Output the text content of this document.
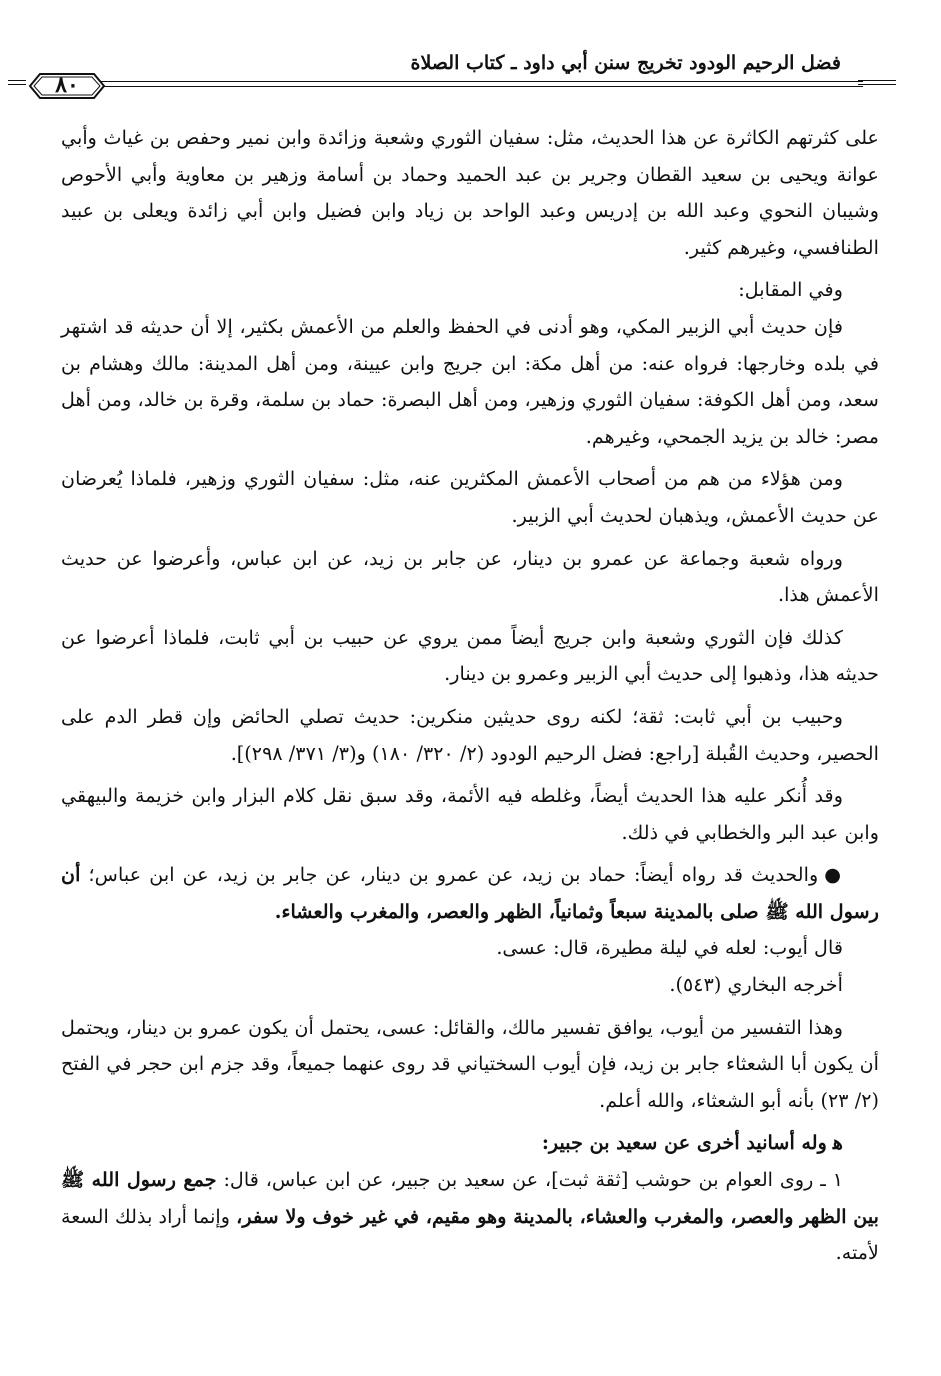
فضل الرحيم الودود تخريج سنن أبي داود ـ كتاب الصلاة
٨٠

على كثرتهم الكاثرة عن هذا الحديث، مثل: سفيان الثوري وشعبة وزائدة وابن نمير وحفص بن غياث وأبي عوانة ويحيى بن سعيد القطان وجرير بن عبد الحميد وحماد بن أسامة وزهير بن معاوية وأبي الأحوص وشيبان النحوي وعبد الله بن إدريس وعبد الواحد بن زياد وابن فضيل وابن أبي زائدة ويعلى بن عبيد الطنافسي، وغيرهم كثير.

وفي المقابل:

فإن حديث أبي الزبير المكي، وهو أدنى في الحفظ والعلم من الأعمش بكثير، إلا أن حديثه قد اشتهر في بلده وخارجها: فرواه عنه: من أهل مكة: ابن جريج وابن عيينة، ومن أهل المدينة: مالك وهشام بن سعد، ومن أهل الكوفة: سفيان الثوري وزهير، ومن أهل البصرة: حماد بن سلمة، وقرة بن خالد، ومن أهل مصر: خالد بن يزيد الجمحي، وغيرهم.

ومن هؤلاء من هم من أصحاب الأعمش المكثرين عنه، مثل: سفيان الثوري وزهير، فلماذا يُعرضان عن حديث الأعمش، ويذهبان لحديث أبي الزبير.

ورواه شعبة وجماعة عن عمرو بن دينار، عن جابر بن زيد، عن ابن عباس، وأعرضوا عن حديث الأعمش هذا.

كذلك فإن الثوري وشعبة وابن جريج أيضاً ممن يروي عن حبيب بن أبي ثابت، فلماذا أعرضوا عن حديثه هذا، وذهبوا إلى حديث أبي الزبير وعمرو بن دينار.

وحبيب بن أبي ثابت: ثقة؛ لكنه روى حديثين منكرين: حديث تصلي الحائض وإن قطر الدم على الحصير، وحديث القُبلة [راجع: فضل الرحيم الودود (٢/ ٣٢٠/ ١٨٠) و(٣/ ٣٧١/ ٢٩٨)].

وقد أُنكر عليه هذا الحديث أيضاً، وغلطه فيه الأئمة، وقد سبق نقل كلام البزار وابن خزيمة والبيهقي وابن عبد البر والخطابي في ذلك.

●والحديث قد رواه أيضاً: حماد بن زيد، عن عمرو بن دينار، عن جابر بن زيد، عن ابن عباس؛ أن رسول الله ﷺ صلى بالمدينة سبعاً وثمانياً، الظهر والعصر، والمغرب والعشاء.

قال أيوب: لعله في ليلة مطيرة، قال: عسى.

أخرجه البخاري (٥٤٣).

وهذا التفسير من أيوب، يوافق تفسير مالك، والقائل: عسى، يحتمل أن يكون عمرو بن دينار، ويحتمل أن يكون أبا الشعثاء جابر بن زيد، فإن أيوب السختياني قد روى عنهما جميعاً، وقد جزم ابن حجر في الفتح (٢/ ٢٣) بأنه أبو الشعثاء، والله أعلم.

ﻫوله أسانيد أخرى عن سعيد بن جبير:

١ ـ روى العوام بن حوشب [ثقة ثبت]، عن سعيد بن جبير، عن ابن عباس، قال: جمع رسول الله ﷺ بين الظهر والعصر، والمغرب والعشاء، بالمدينة وهو مقيم، في غير خوف ولا سفر، وإنما أراد بذلك السعة لأمته.
